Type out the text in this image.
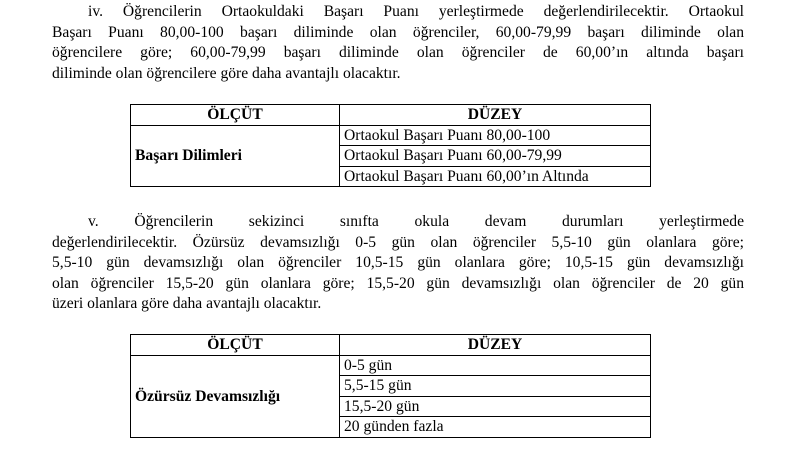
iv. Öğrencilerin Ortaokuldaki Başarı Puanı yerleştirmede değerlendirilecektir. Ortaokul
Başarı Puanı 80,00-100 başarı diliminde olan öğrenciler, 60,00-79,99 başarı diliminde olan
öğrencilere göre; 60,00-79,99 başarı diliminde olan öğrenciler de 60,00’ın altında başarı
diliminde olan öğrencilere göre daha avantajlı olacaktır.
ÖLÇÜT	DÜZEY
Başarı Dilimleri	Ortaokul Başarı Puanı 80,00-100
	Ortaokul Başarı Puanı 60,00-79,99
	Ortaokul Başarı Puanı 60,00’ın Altında
v. Öğrencilerin sekizinci sınıfta okula devam durumları yerleştirmede
değerlendirilecektir. Özürsüz devamsızlığı 0-5 gün olan öğrenciler 5,5-10 gün olanlara göre;
5,5-10 gün devamsızlığı olan öğrenciler 10,5-15 gün olanlara göre; 10,5-15 gün devamsızlığı
olan öğrenciler 15,5-20 gün olanlara göre; 15,5-20 gün devamsızlığı olan öğrenciler de 20 gün
üzeri olanlara göre daha avantajlı olacaktır.
ÖLÇÜT	DÜZEY
Özürsüz Devamsızlığı	0-5 gün
	5,5-15 gün
	15,5-20 gün
	20 günden fazla
